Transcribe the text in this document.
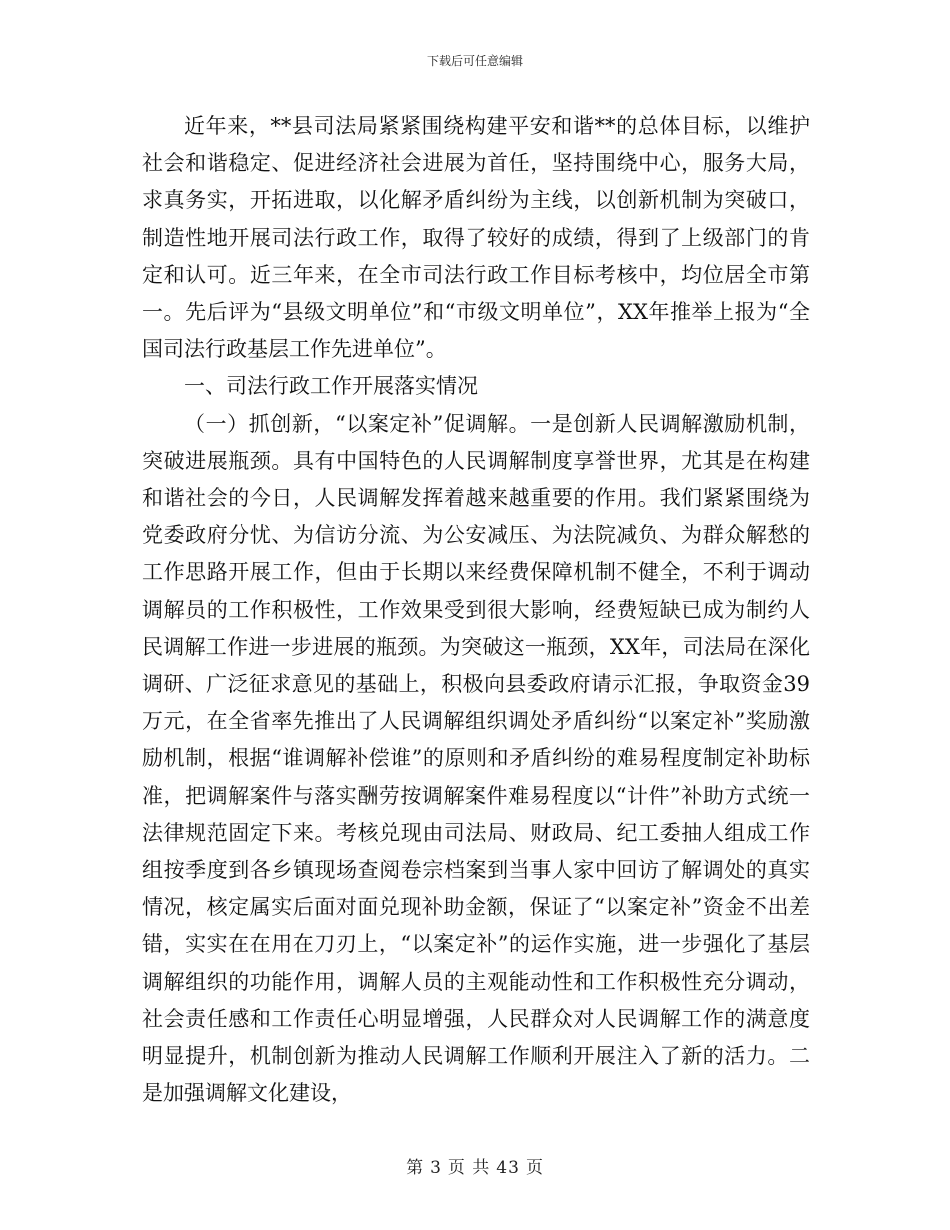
下载后可任意编辑

近年来，**县司法局紧紧围绕构建平安和谐**的总体目标，以维护社会和谐稳定、促进经济社会进展为首任，坚持围绕中心，服务大局，求真务实，开拓进取，以化解矛盾纠纷为主线，以创新机制为突破口，制造性地开展司法行政工作，取得了较好的成绩，得到了上级部门的肯定和认可。近三年来，在全市司法行政工作目标考核中，均位居全市第一。先后评为“县级文明单位”和“市级文明单位”，XX年推举上报为“全国司法行政基层工作先进单位”。

一、司法行政工作开展落实情况

（一）抓创新，“以案定补”促调解。一是创新人民调解激励机制，突破进展瓶颈。具有中国特色的人民调解制度享誉世界，尤其是在构建和谐社会的今日，人民调解发挥着越来越重要的作用。我们紧紧围绕为党委政府分忧、为信访分流、为公安减压、为法院减负、为群众解愁的工作思路开展工作，但由于长期以来经费保障机制不健全，不利于调动调解员的工作积极性，工作效果受到很大影响，经费短缺已成为制约人民调解工作进一步进展的瓶颈。为突破这一瓶颈，XX年，司法局在深化调研、广泛征求意见的基础上，积极向县委政府请示汇报，争取资金39万元，在全省率先推出了人民调解组织调处矛盾纠纷“以案定补”奖励激励机制，根据“谁调解补偿谁”的原则和矛盾纠纷的难易程度制定补助标准，把调解案件与落实酬劳按调解案件难易程度以“计件”补助方式统一法律规范固定下来。考核兑现由司法局、财政局、纪工委抽人组成工作组按季度到各乡镇现场查阅卷宗档案到当事人家中回访了解调处的真实情况，核定属实后面对面兑现补助金额，保证了“以案定补”资金不出差错，实实在在用在刀刃上，“以案定补”的运作实施，进一步强化了基层调解组织的功能作用，调解人员的主观能动性和工作积极性充分调动，社会责任感和工作责任心明显增强，人民群众对人民调解工作的满意度明显提升，机制创新为推动人民调解工作顺利开展注入了新的活力。二是加强调解文化建设，

第 3 页 共 43 页
